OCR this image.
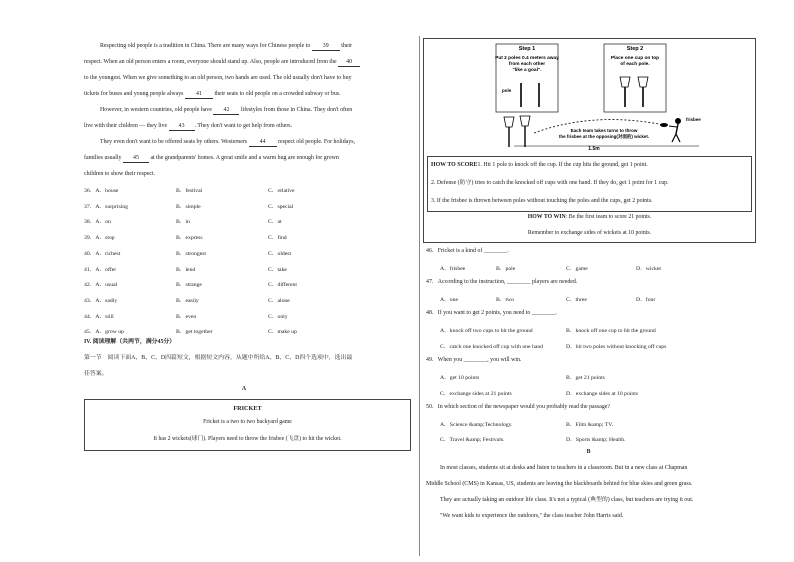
Respecting old people is a tradition in China. There are many ways for Chinese people to 39 their
respect. When an old person enters a room, everyone should stand up. Also, people are introduced from the 40
to the youngest. When we give something to an old person, two hands are used. The old usually don't have to buy
tickets for buses and young people always 41 their seats to old people on a crowded subway or bus.
However, in western countries, old people have 42 lifestyles from those in China. They don't often
live with their children — they live 43 . They don't want to get help from others.
They even don't want to be offered seats by others. Westerners 44 respect old people. For holidays,
families usually 45 at the grandparents' homes. A great smile and a warm hug are enough for grown
children to show their respect.
36．A．house	B．festival	C．relative
37．A．surprising	B．simple	C．special
38．A．on	B．in	C．at
39．A．stop	B．express	C．find
40．A．richest	B．strongest	C．oldest
41．A．offer	B．lend	C．take
42．A．usual	B．strange	C．different
43．A．sadly	B．easily	C．alone
44．A．still	B．even	C．only
45．A．grow up	B．get together	C．make up
IV. 阅读理解（共两节，满分45分）
第一节　阅读下面A、B、C、D四篇短文，根据短文内容，从题中所给A、B、C、D四个选项中，选出最
佳答案。
A
FRICKET
Fricket is a two to two backyard game
It has 2 wickets(球门). Players need to throw the frisbee (飞盘) to hit the wicket.
Step 1
Put 2 poles 0.4 meters away
from each other
"like a goal".
pole
Step 2
Place one cup on top
of each pole.
Each team takes turns to throw
the frisbee at the opposing(对面的) wicket.
frisbee
1.5m
HOW TO SCORE1. Hit 1 pole to knock off the cup. If the cup hits the ground, get 1 point.
2. Defense (防守) tries to catch the knocked off cups with one hand. If they do, get 1 point for 1 cup.
3. If the frisbee is thrown between poles without touching the poles and the cups, get 2 points.
HOW TO WIN: Be the first team to score 21 points.
Remember to exchange sides of wickets at 10 points.
46．Fricket is a kind of ________.
A．frisbee	B．pole	C．game	D．wicket
47．According to the instruction, ________ players are needed.
A．one	B．two	C．three	D．four
48．If you want to get 2 points, you need to ________.
A．knock off two cups to hit the ground	B．knock off one cup to hit the ground
C．catch one knocked off cup with one hand	D．hit two poles without knocking off cups
49．When you ________, you will win.
A．get 10 points	B．get 21 points
C．exchange sides at 21 points	D．exchange sides at 10 points
50．In which section of the newspaper would you probably read the passage?
A．Science &amp;Technology.	B．Film &amp; TV.
C．Travel &amp; Festivals.	D．Sports &amp; Health.
B
In most classes, students sit at desks and listen to teachers in a classroom. But in a new class at Chapman
Middle School (CMS) in Kansas, US, students are leaving the blackboards behind for blue skies and green grass.
They are actually taking an outdoor life class. It's not a typical (典型的) class, but teachers are trying it out.
"We want kids to experience the outdoors," the class teacher John Harris said.
